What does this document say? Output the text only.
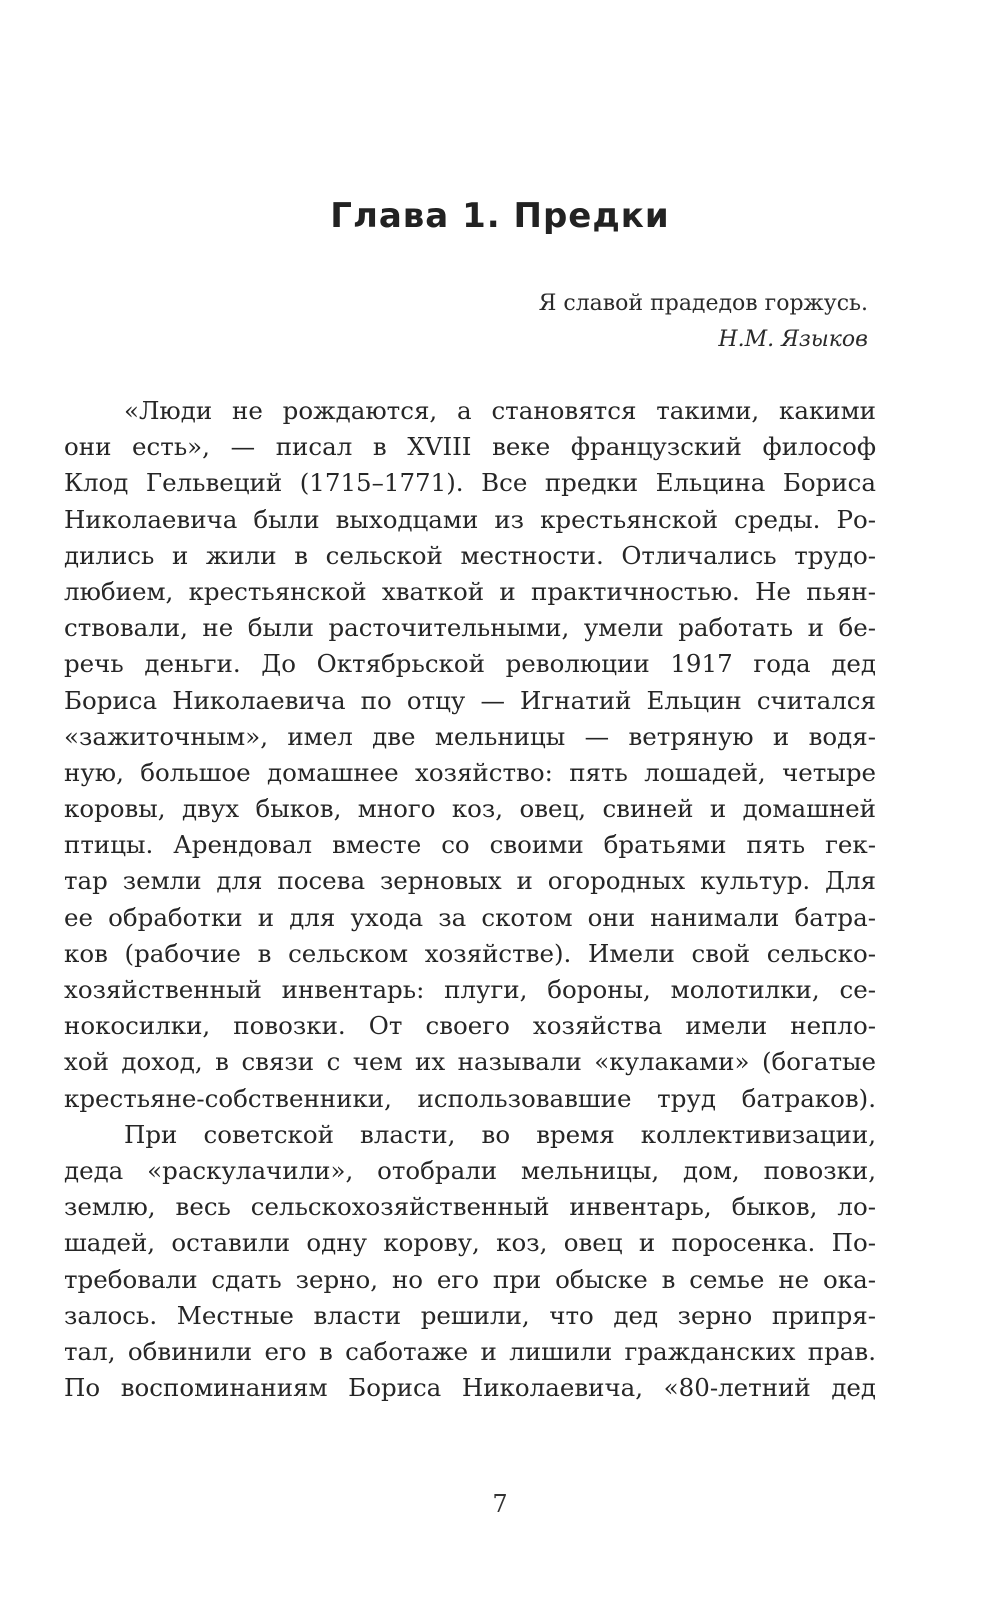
Глава 1. Предки
Я славой прадедов горжусь.
Н.М. Языков
«Люди не рождаются, а становятся такими, какими
они есть», — писал в XVIII веке французский философ
Клод Гельвеций (1715–1771). Все предки Ельцина Бориса
Николаевича были выходцами из крестьянской среды. Ро-
дились и жили в сельской местности. Отличались трудо-
любием, крестьянской хваткой и практичностью. Не пьян-
ствовали, не были расточительными, умели работать и бе-
речь деньги. До Октябрьской революции 1917 года дед
Бориса Николаевича по отцу — Игнатий Ельцин считался
«зажиточным», имел две мельницы — ветряную и водя-
ную, большое домашнее хозяйство: пять лошадей, четыре
коровы, двух быков, много коз, овец, свиней и домашней
птицы. Арендовал вместе со своими братьями пять гек-
тар земли для посева зерновых и огородных культур. Для
ее обработки и для ухода за скотом они нанимали батра-
ков (рабочие в сельском хозяйстве). Имели свой сельско-
хозяйственный инвентарь: плуги, бороны, молотилки, се-
нокосилки, повозки. От своего хозяйства имели непло-
хой доход, в связи с чем их называли «кулаками» (богатые
крестьяне-собственники, использовавшие труд батраков).
При советской власти, во время коллективизации,
деда «раскулачили», отобрали мельницы, дом, повозки,
землю, весь сельскохозяйственный инвентарь, быков, ло-
шадей, оставили одну корову, коз, овец и поросенка. По-
требовали сдать зерно, но его при обыске в семье не ока-
залось. Местные власти решили, что дед зерно припря-
тал, обвинили его в саботаже и лишили гражданских прав.
По воспоминаниям Бориса Николаевича, «80-летний дед
7
